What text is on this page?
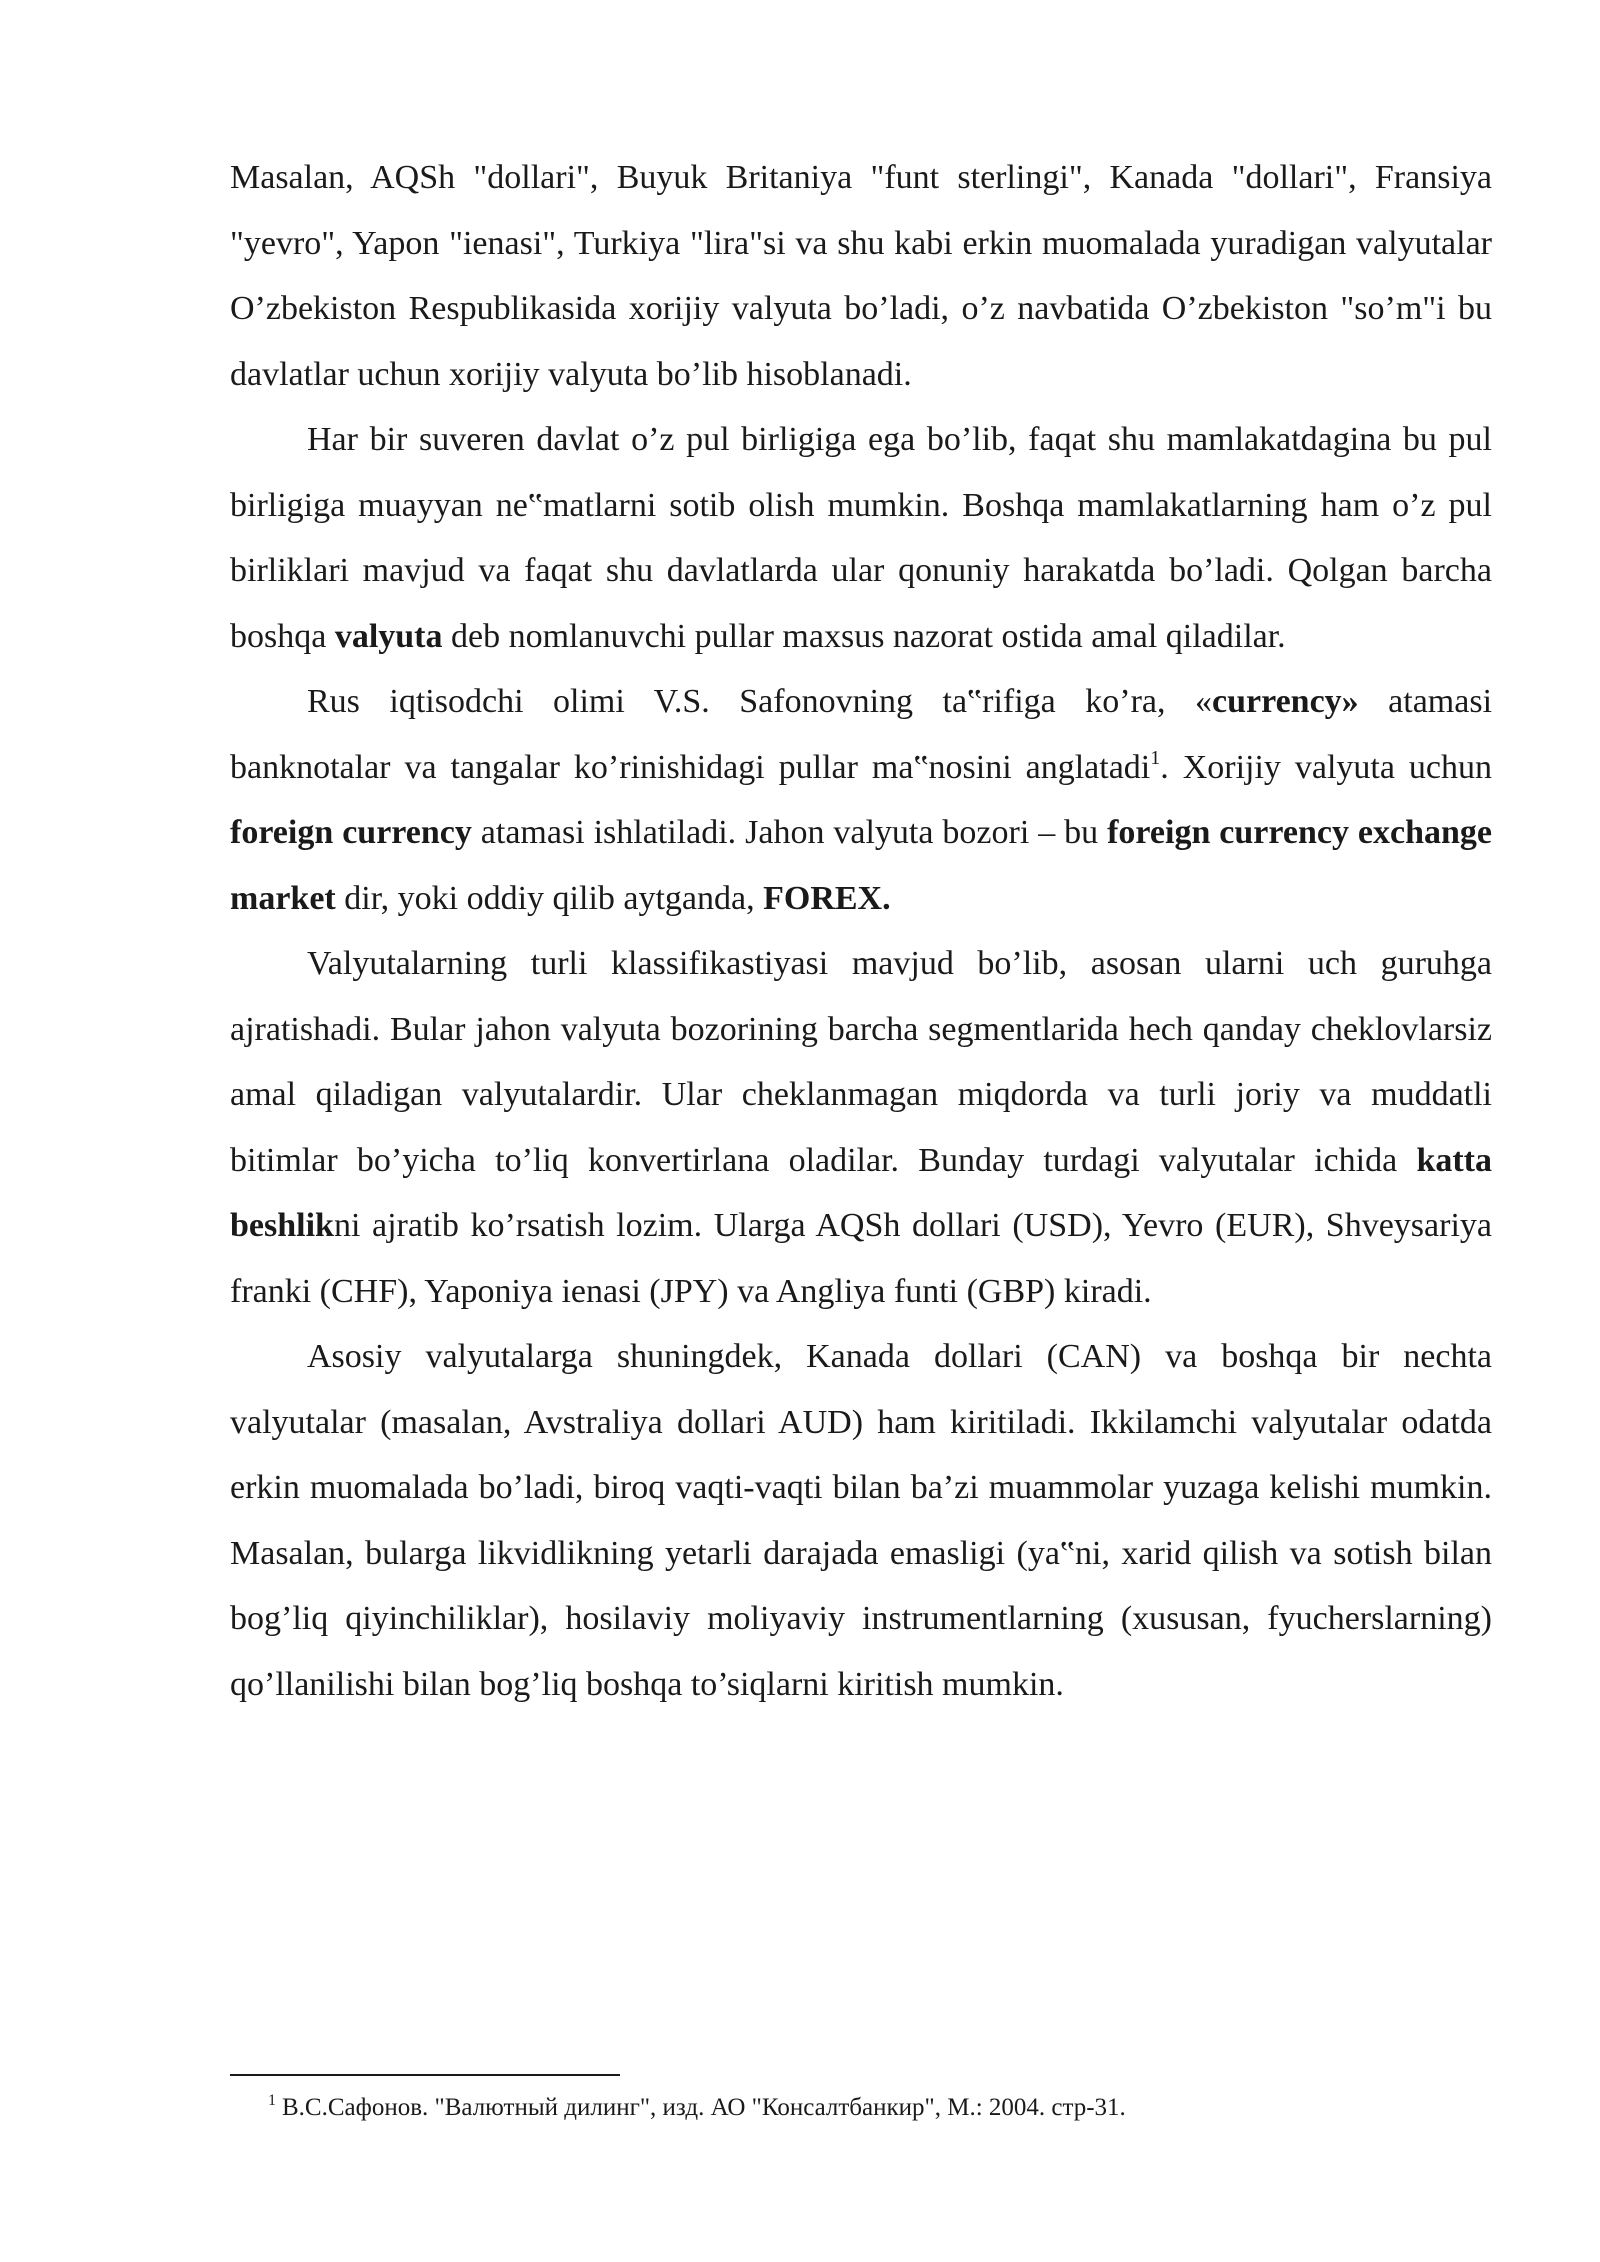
Masalan, AQSh "dollari", Buyuk Britaniya "funt sterlingi", Kanada "dollari", Fransiya "yevro", Yapon "ienasi", Turkiya "lira"si va shu kabi erkin muomalada yuradigan valyutalar O’zbekiston Respublikasida xorijiy valyuta bo’ladi, o’z navbatida O’zbekiston "so’m"i bu davlatlar uchun xorijiy valyuta bo’lib hisoblanadi.

Har bir suveren davlat o’z pul birligiga ega bo’lib, faqat shu mamlakatdagina bu pul birligiga muayyan ne‟matlarni sotib olish mumkin. Boshqa mamlakatlarning ham o’z pul birliklari mavjud va faqat shu davlatlarda ular qonuniy harakatda bo’ladi. Qolgan barcha boshqa valyuta deb nomlanuvchi pullar maxsus nazorat ostida amal qiladilar.

Rus iqtisodchi olimi V.S. Safonovning ta‟rifiga ko’ra, «currency» atamasi banknotalar va tangalar ko’rinishidagi pullar ma‟nosini anglatadi$^1$. Xorijiy valyuta uchun foreign currency atamasi ishlatiladi. Jahon valyuta bozori – bu foreign currency exchange market dir, yoki oddiy qilib aytganda, FOREX.

Valyutalarning turli klassifikastiyasi mavjud bo’lib, asosan ularni uch guruhga ajratishadi. Bular jahon valyuta bozorining barcha segmentlarida hech qanday cheklovlarsiz amal qiladigan valyutalardir. Ular cheklanmagan miqdorda va turli joriy va muddatli bitimlar bo’yicha to’liq konvertirlana oladilar. Bunday turdagi valyutalar ichida katta beshlikni ajratib ko’rsatish lozim. Ularga AQSh dollari (USD), Yevro (EUR), Shveysariya franki (CHF), Yaponiya ienasi (JPY) va Angliya funti (GBP) kiradi.

Asosiy valyutalarga shuningdek, Kanada dollari (CAN) va boshqa bir nechta valyutalar (masalan, Avstraliya dollari AUD) ham kiritiladi. Ikkilamchi valyutalar odatda erkin muomalada bo’ladi, biroq vaqti-vaqti bilan ba’zi muammolar yuzaga kelishi mumkin. Masalan, bularga likvidlikning yetarli darajada emasligi (ya‟ni, xarid qilish va sotish bilan bog’liq qiyinchiliklar), hosilaviy moliyaviy instrumentlarning (xususan, fyucherslarning) qo’llanilishi bilan bog’liq boshqa to’siqlarni kiritish mumkin.

$^1$ В.С.Сафонов. "Валютный дилинг", изд. АО "Консалтбанкир", М.: 2004. стр-31.
